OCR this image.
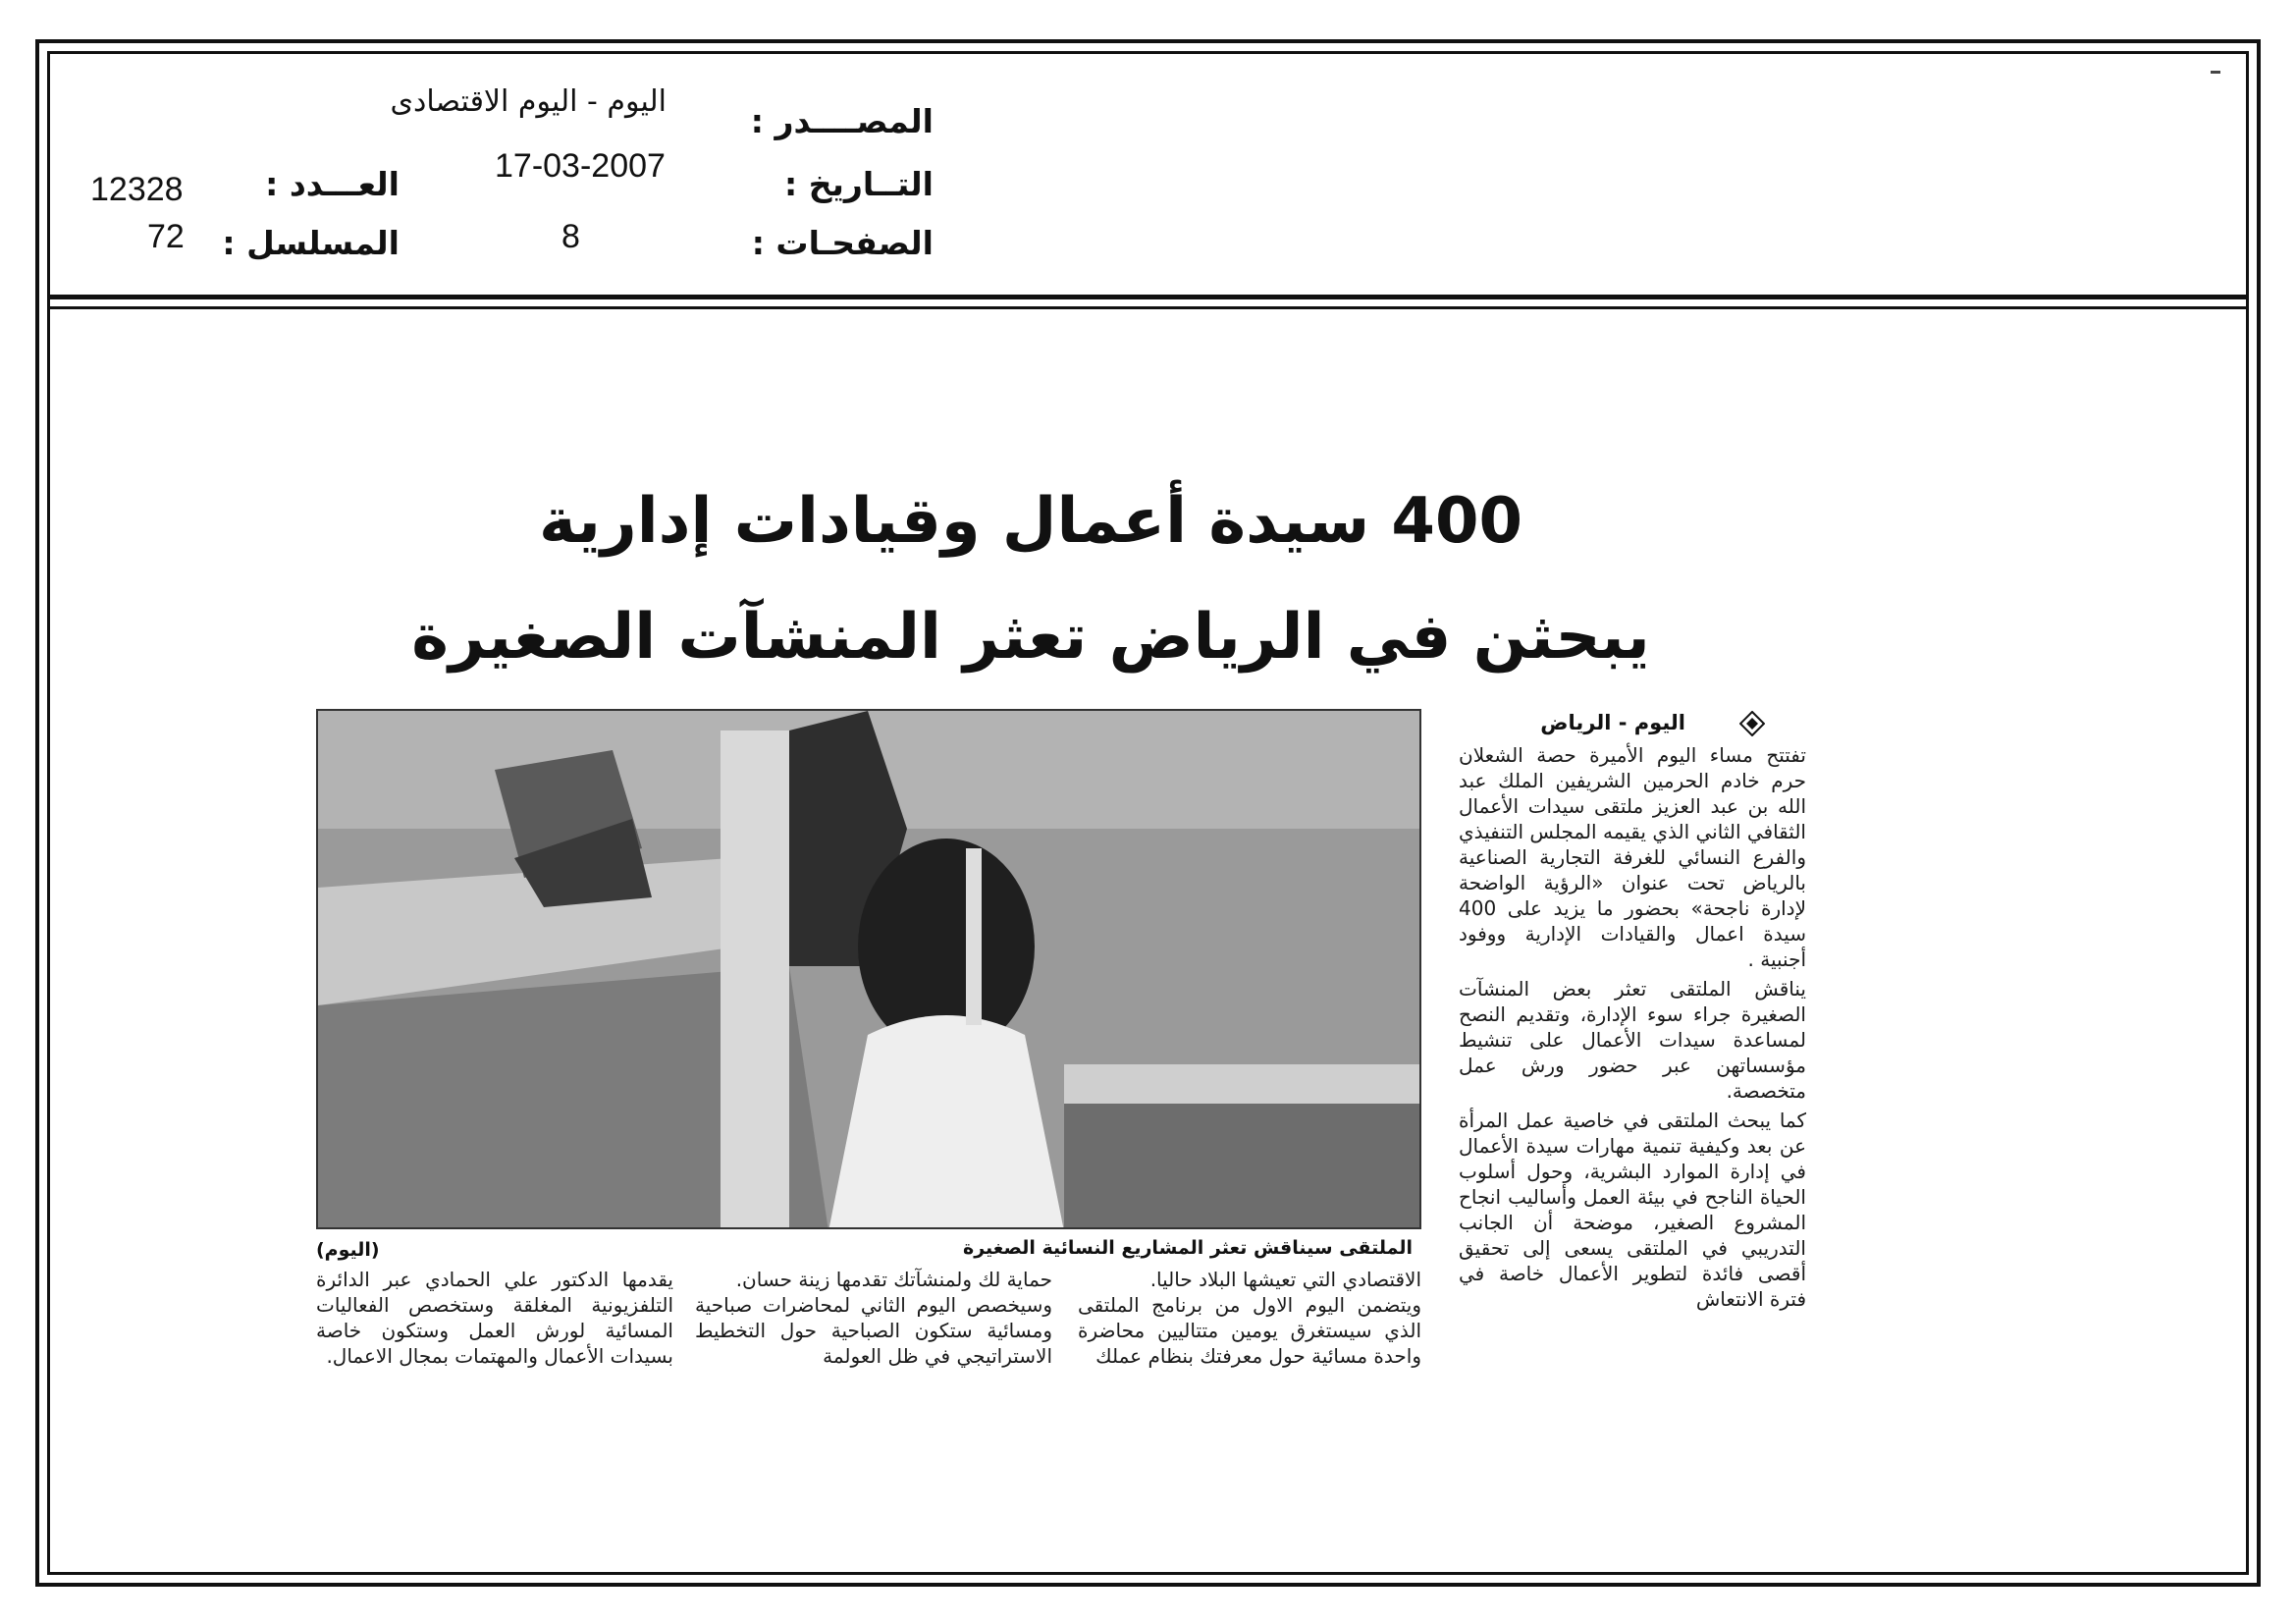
المصــــدر :
اليوم - اليوم الاقتصادى
التــاريخ :
17-03-2007
الصفحـات :
8
العـــدد :
12328
المسلسل :
72
400 سيدة أعمال وقيادات إدارية
يبحثن في الرياض تعثر المنشآت الصغيرة
الملتقى سيناقش تعثر المشاريع النسائية الصغيرة
(اليوم)
اليوم - الرياض

تفتتح مساء اليوم الأميرة حصة الشعلان حرم خادم الحرمين الشريفين الملك عبد الله بن عبد العزيز ملتقى سيدات الأعمال الثقافي الثاني الذي يقيمه المجلس التنفيذي والفرع النسائي للغرفة التجارية الصناعية بالرياض تحت عنوان «الرؤية الواضحة لإدارة ناجحة» بحضور ما يزيد على 400 سيدة اعمال والقيادات الإدارية ووفود أجنبية .

يناقش الملتقى تعثر بعض المنشآت الصغيرة جراء سوء الإدارة، وتقديم النصح لمساعدة سيدات الأعمال على تنشيط مؤسساتهن عبر حضور ورش عمل متخصصة.

كما يبحث الملتقى في خاصية عمل المرأة عن بعد وكيفية تنمية مهارات سيدة الأعمال في إدارة الموارد البشرية، وحول أسلوب الحياة الناجح في بيئة العمل وأساليب انجاح المشروع الصغير، موضحة أن الجانب التدريبي في الملتقى يسعى إلى تحقيق أقصى فائدة لتطوير الأعمال خاصة في فترة الانتعاش

الاقتصادي التي تعيشها البلاد حاليا.

ويتضمن اليوم الاول من برنامج الملتقى الذي سيستغرق يومين متتاليين محاضرة واحدة مسائية حول معرفتك بنظام عملك

حماية لك ولمنشآتك تقدمها زينة حسان.

وسيخصص اليوم الثاني لمحاضرات صباحية ومسائية ستكون الصباحية حول التخطيط الاستراتيجي في ظل العولمة

يقدمها الدكتور علي الحمادي عبر الدائرة التلفزيونية المغلقة وستخصص الفعاليات المسائية لورش العمل وستكون خاصة بسيدات الأعمال والمهتمات بمجال الاعمال.
